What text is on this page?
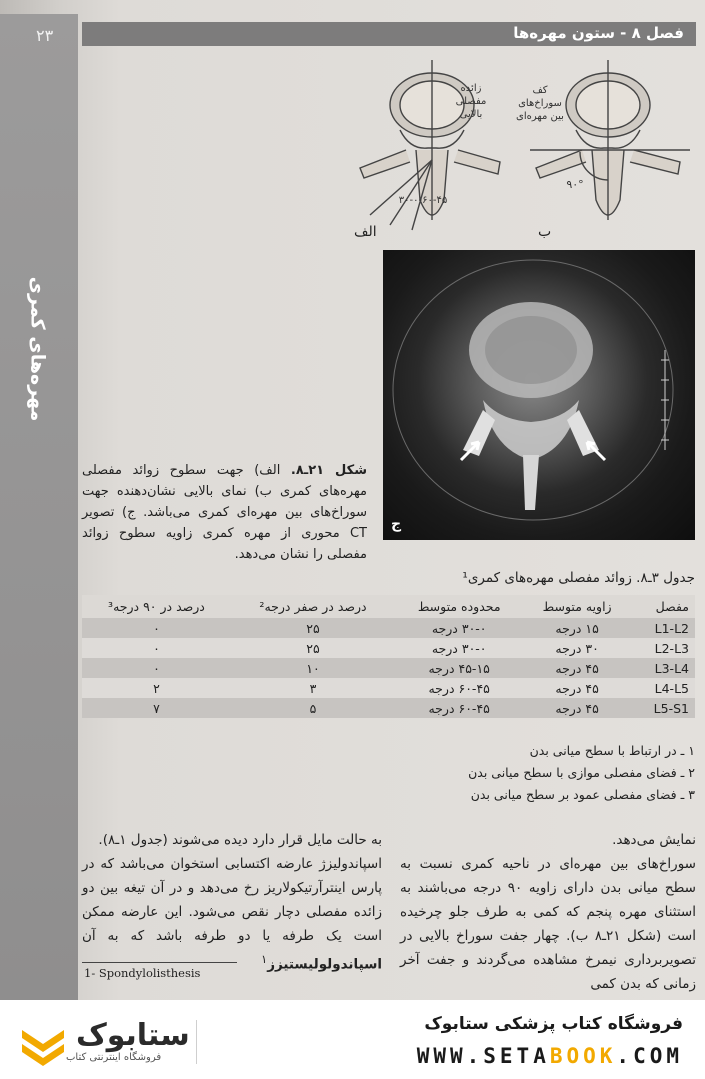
مهره‌های کمری
۲۳	فصل ۸ - ستون مهره‌ها
زائده
مفصلی
بالایی
کف
سوراخ‌های
بین مهره‌ای
۳۰-۰-۶۰-۴۵
۹۰°
الف	ب
ج
شکل ۲۱ـ۸. الف) جهت سطوح زوائد مفصلی مهره‌های کمری ب) نمای بالایی نشان‌دهنده جهت سوراخ‌های بین مهره‌ای کمری می‌باشد. ج) تصویر CT محوری از مهره کمری زاویه سطوح زوائد مفصلی را نشان می‌دهد.
جدول ۳ـ۸. زوائد مفصلی مهره‌های کمری¹
مفصل	زاویه متوسط	محدوده متوسط	درصد در صفر درجه²	درصد در ۹۰ درجه³
L1-L2	۱۵ درجه	۳۰-۰ درجه	۲۵	۰
L2-L3	۳۰ درجه	۳۰-۰ درجه	۲۵	۰
L3-L4	۴۵ درجه	۴۵-۱۵ درجه	۱۰	۰
L4-L5	۴۵ درجه	۶۰-۴۵ درجه	۳	۲
L5-S1	۴۵ درجه	۶۰-۴۵ درجه	۵	۷
۱ ـ در ارتباط با سطح میانی بدن
۲ ـ فضای مفصلی موازی با سطح میانی بدن
۳ ـ فضای مفصلی عمود بر سطح میانی بدن

نمایش می‌دهد.

سوراخ‌های بین مهره‌ای در ناحیه کمری نسبت به سطح میانی بدن دارای زاویه ۹۰ درجه می‌باشند به استثنای مهره پنجم که کمی به طرف جلو چرخیده است (شکل ۲۱ـ۸ ب). چهار جفت سوراخ بالایی در تصویربرداری نیمرخ مشاهده می‌گردند و جفت آخر زمانی که بدن کمی

به حالت مایل قرار دارد دیده می‌شوند (جدول ۱ـ۸).

اسپاندولیزژ عارضه اکتسابی استخوان می‌باشد که در پارس اینترآرتیکولاریز رخ می‌دهد و در آن تیغه بین دو زائده مفصلی دچار نقص می‌شود. این عارضه ممکن است یک طرفه یا دو طرفه باشد که به آن اسپاندولولیستیزز$^۱$

1- Spondylolisthesis
ستابوک
فروشگاه اینترنتی کتاب
فروشگاه کتاب پزشکی ستابوک
WWW.SETABOOK.COM
